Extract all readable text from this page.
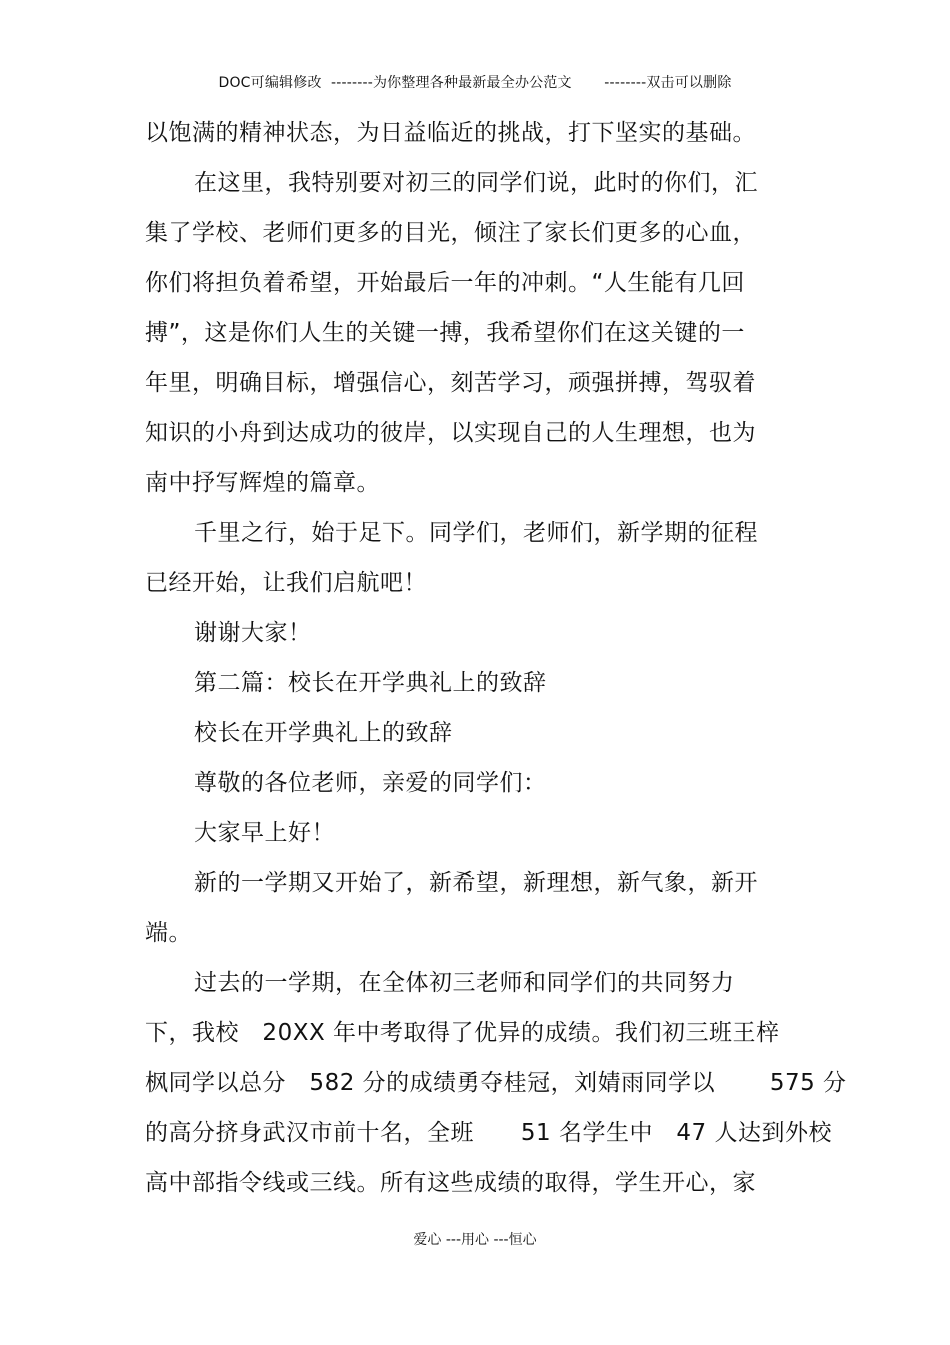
DOC可编辑修改  --------为你整理各种最新最全办公范文       --------双击可以删除
以饱满的精神状态，为日益临近的挑战，打下坚实的基础。
在这里，我特别要对初三的同学们说，此时的你们，汇
集了学校、老师们更多的目光，倾注了家长们更多的心血，
你们将担负着希望，开始最后一年的冲刺。“人生能有几回
搏”，这是你们人生的关键一搏，我希望你们在这关键的一
年里，明确目标，增强信心，刻苦学习，顽强拼搏，驾驭着
知识的小舟到达成功的彼岸，以实现自己的人生理想，也为
南中抒写辉煌的篇章。
千里之行，始于足下。同学们，老师们，新学期的征程
已经开始，让我们启航吧！
谢谢大家！
第二篇：校长在开学典礼上的致辞
校长在开学典礼上的致辞
尊敬的各位老师，亲爱的同学们：
大家早上好！
新的一学期又开始了，新希望，新理想，新气象，新开
端。
过去的一学期，在全体初三老师和同学们的共同努力
下，我校   20XX 年中考取得了优异的成绩。我们初三班王梓
枫同学以总分   582 分的成绩勇夺桂冠，刘婧雨同学以       575 分
的高分挤身武汉市前十名，全班      51 名学生中   47 人达到外校
高中部指令线或三线。所有这些成绩的取得，学生开心，家
爱心 ---用心 ---恒心
